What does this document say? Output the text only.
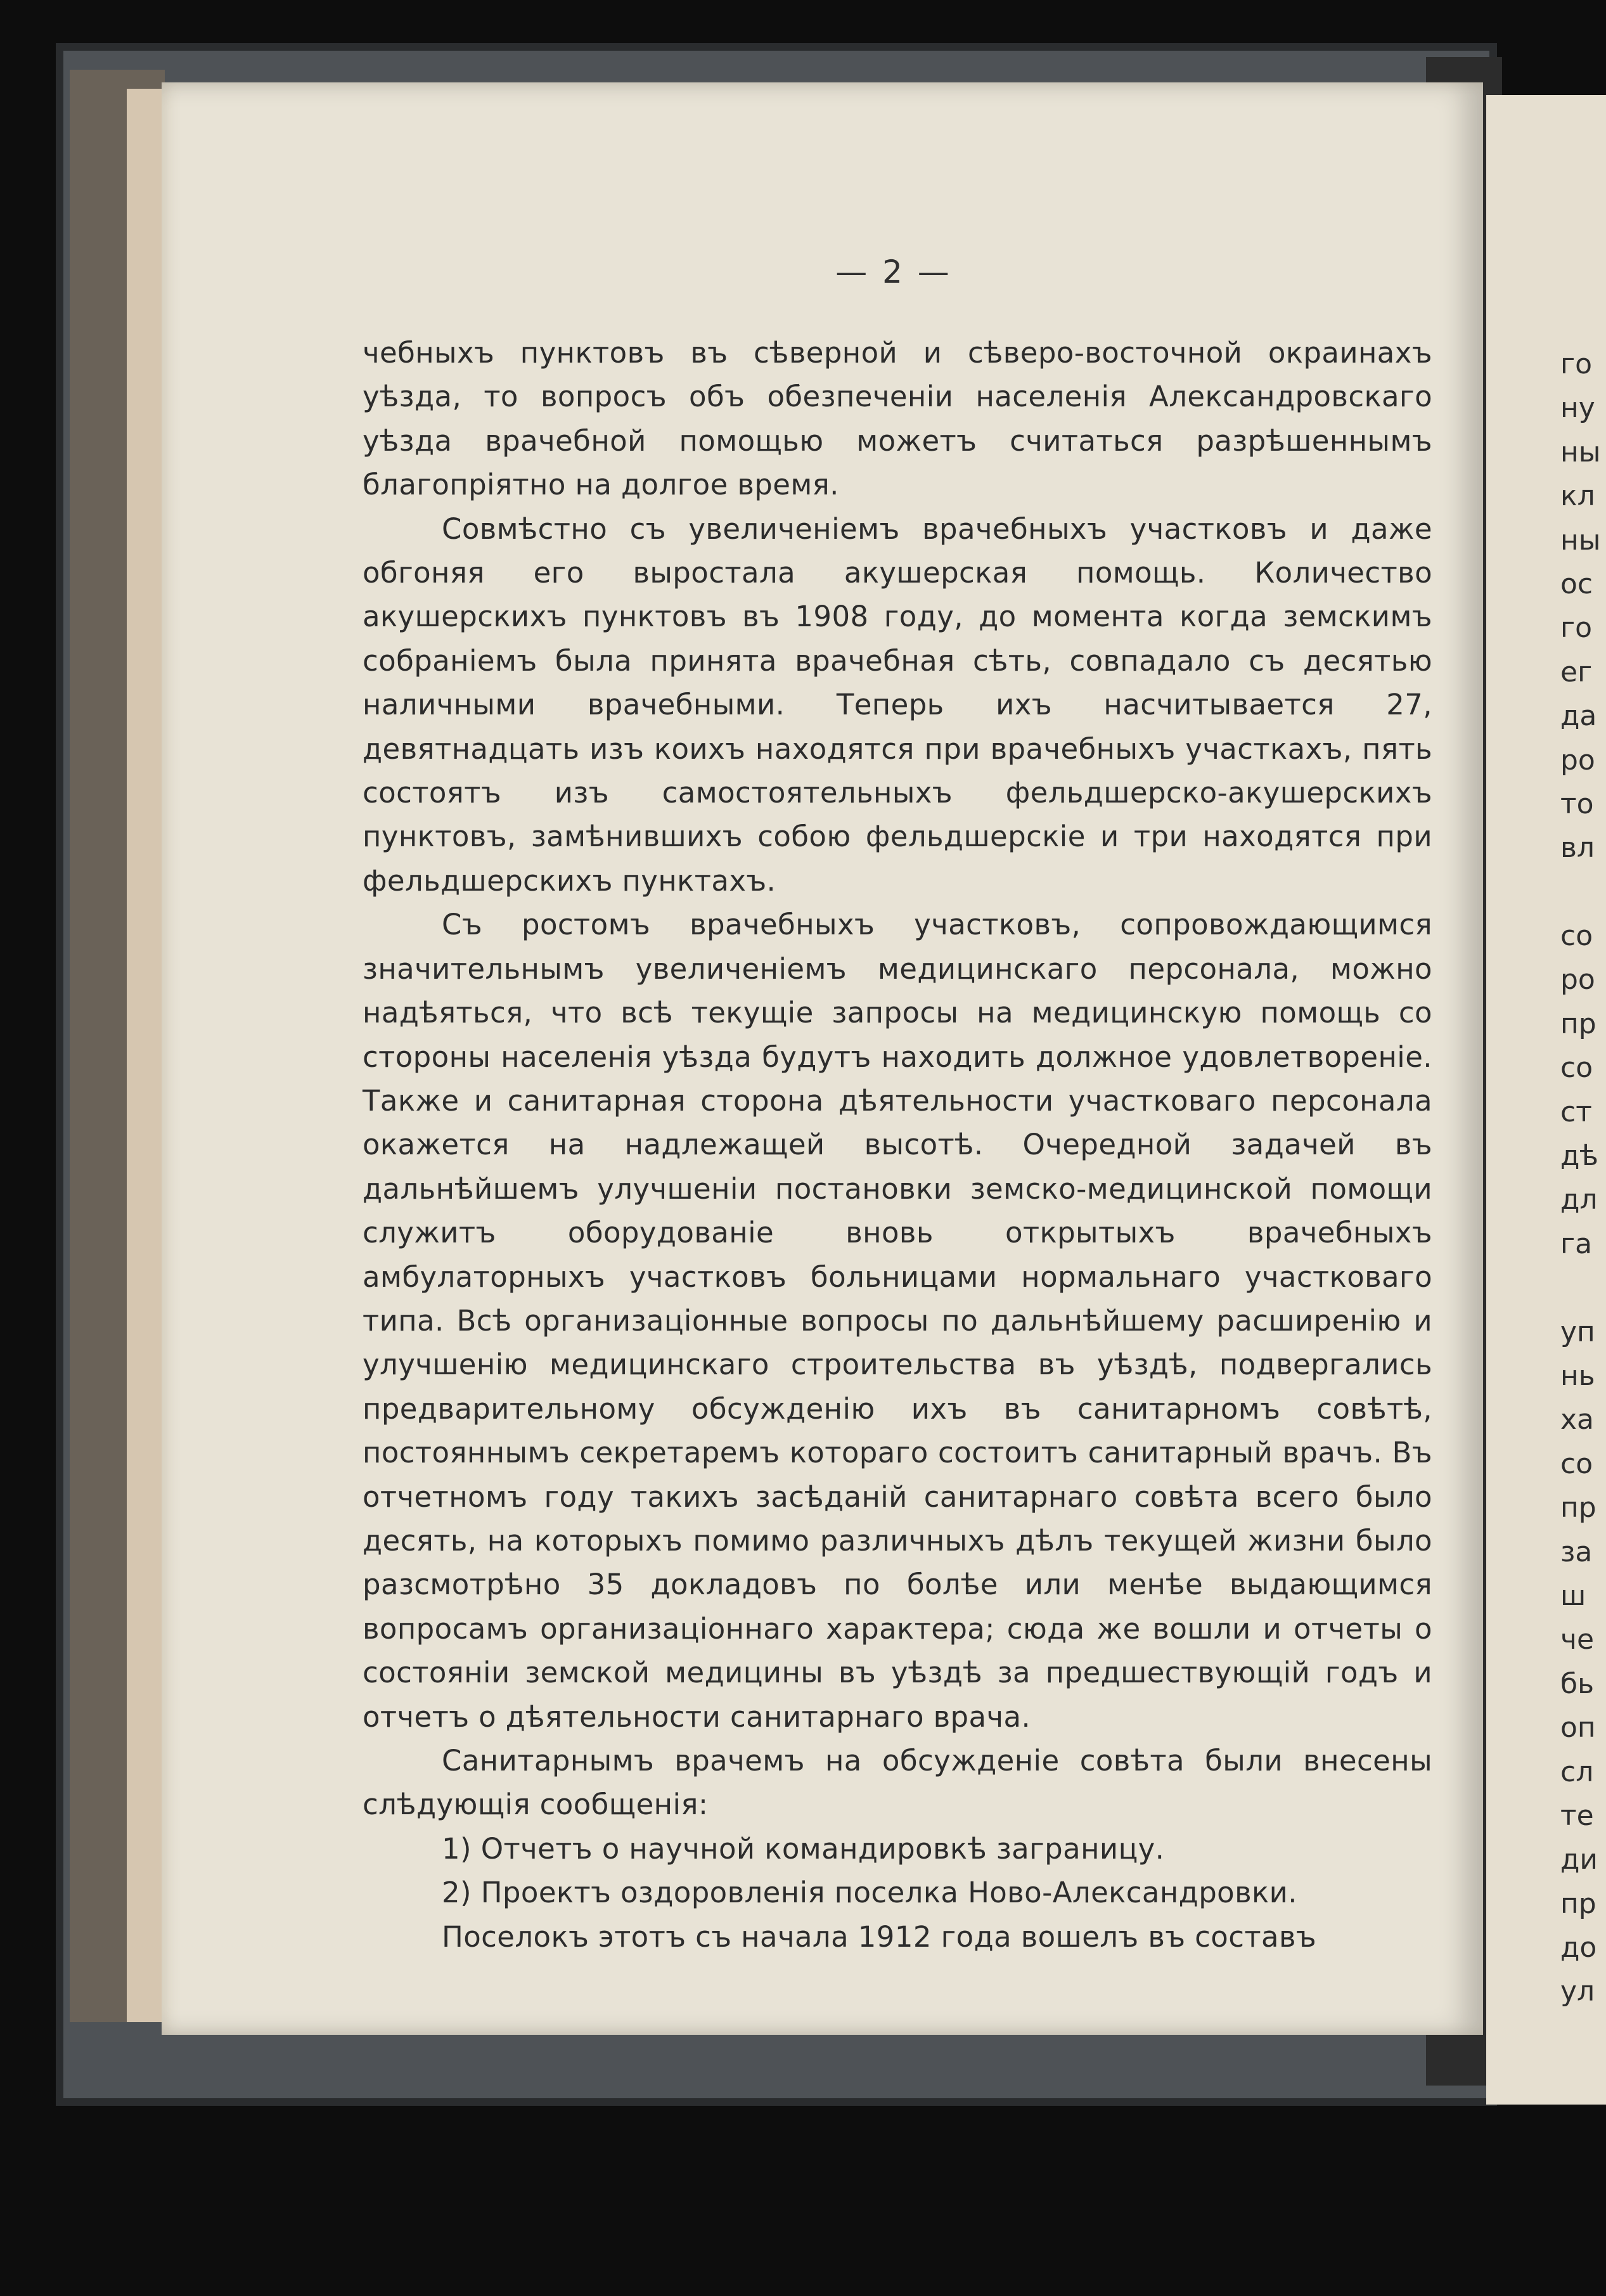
— 2 —

чебныхъ пунктовъ въ сѣверной и сѣверо-восточной окраинахъ уѣзда, то вопросъ объ обезпеченіи населенія Александровскаго уѣзда врачебной помощью можетъ считаться разрѣшеннымъ благопріятно на долгое время.

Совмѣстно съ увеличеніемъ врачебныхъ участковъ и даже обгоняя его выростала акушерская помощь. Количество акушерскихъ пунктовъ въ 1908 году, до момента когда земскимъ собраніемъ была принята врачебная сѣть, совпадало съ десятью наличными врачебными. Теперь ихъ насчитывается 27, девятнадцать изъ коихъ находятся при врачебныхъ участкахъ, пять состоятъ изъ самостоятельныхъ фельдшерско-акушерскихъ пунктовъ, замѣнившихъ собою фельдшерскіе и три находятся при фельдшерскихъ пунктахъ.

Съ ростомъ врачебныхъ участковъ, сопровождающимся значительнымъ увеличеніемъ медицинскаго персонала, можно надѣяться, что всѣ текущіе запросы на медицинскую помощь со стороны населенія уѣзда будутъ находить должное удовлетвореніе. Также и санитарная сторона дѣятельности участковаго персонала окажется на надлежащей высотѣ. Очередной задачей въ дальнѣйшемъ улучшеніи постановки земско-медицинской помощи служитъ оборудованіе вновь открытыхъ врачебныхъ амбулаторныхъ участковъ больницами нормальнаго участковаго типа. Всѣ организаціонные вопросы по дальнѣйшему расширенію и улучшенію медицинскаго строительства въ уѣздѣ, подвергались предварительному обсужденію ихъ въ санитарномъ совѣтѣ, постояннымъ секретаремъ котораго состоитъ санитарный врачъ. Въ отчетномъ году такихъ засѣданій санитарнаго совѣта всего было десять, на которыхъ помимо различныхъ дѣлъ текущей жизни было разсмотрѣно 35 докладовъ по болѣе или менѣе выдающимся вопросамъ организаціоннаго характера; сюда же вошли и отчеты о состояніи земской медицины въ уѣздѣ за предшествующій годъ и отчетъ о дѣятельности санитарнаго врача.

Санитарнымъ врачемъ на обсужденіе совѣта были внесены слѣдующія сообщенія:

1) Отчетъ о научной командировкѣ заграницу.

2) Проектъ оздоровленія поселка Ново-Александровки.

Поселокъ этотъ съ начала 1912 года вошелъ въ составъ

го
ну
ны
кл
ны
ос
го
ег
да
ро
то
вл
со
ро
пр
со
ст
дѣ
дл
га
уп
нь
ха
со
пр
за
ш
че
бь
оп
сл
те
ди
пр
до
ул
